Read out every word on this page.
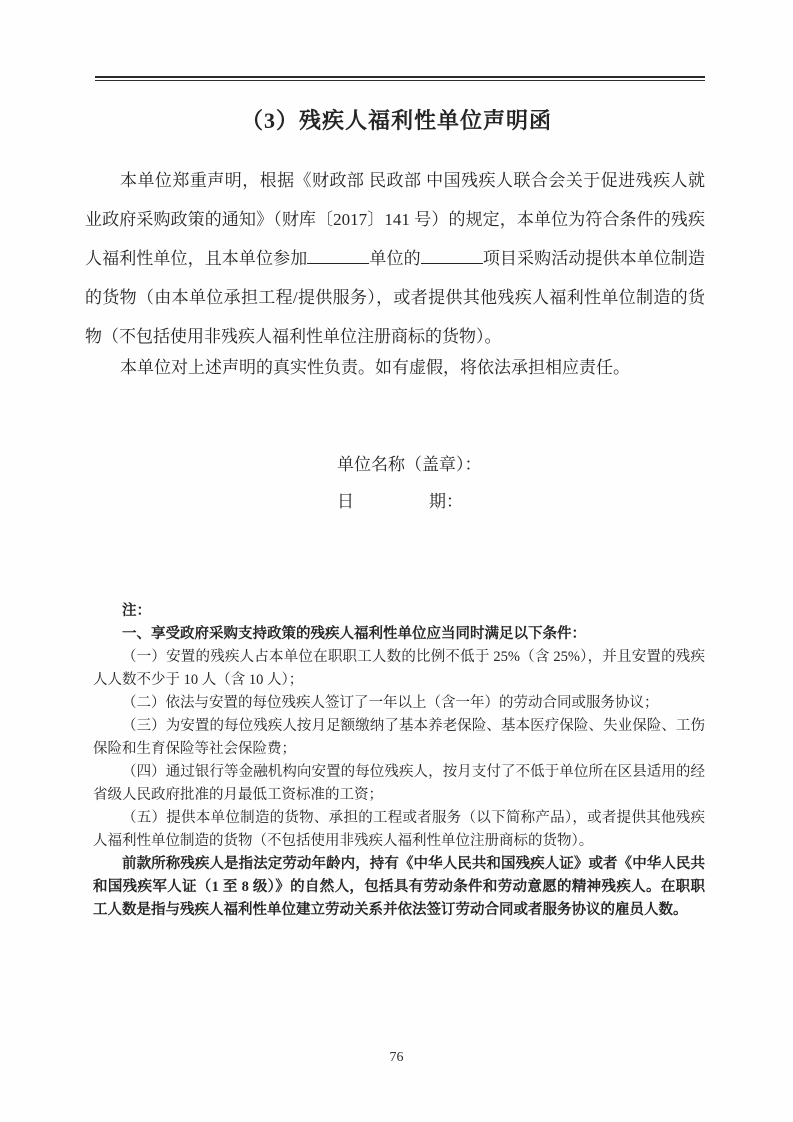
（3）残疾人福利性单位声明函

本单位郑重声明，根据《财政部 民政部 中国残疾人联合会关于促进残疾人就业政府采购政策的通知》（财库〔2017〕141 号）的规定，本单位为符合条件的残疾人福利性单位，且本单位参加	单位的	项目采购活动提供本单位制造的货物（由本单位承担工程/提供服务），或者提供其他残疾人福利性单位制造的货物（不包括使用非残疾人福利性单位注册商标的货物）。

本单位对上述声明的真实性负责。如有虚假，将依法承担相应责任。

单位名称（盖章）：
日	期：

注：

一、享受政府采购支持政策的残疾人福利性单位应当同时满足以下条件：

（一）安置的残疾人占本单位在职职工人数的比例不低于 25%（含 25%），并且安置的残疾人人数不少于 10 人（含 10 人）；

（二）依法与安置的每位残疾人签订了一年以上（含一年）的劳动合同或服务协议；

（三）为安置的每位残疾人按月足额缴纳了基本养老保险、基本医疗保险、失业保险、工伤保险和生育保险等社会保险费；

（四）通过银行等金融机构向安置的每位残疾人，按月支付了不低于单位所在区县适用的经省级人民政府批准的月最低工资标准的工资；

（五）提供本单位制造的货物、承担的工程或者服务（以下简称产品），或者提供其他残疾人福利性单位制造的货物（不包括使用非残疾人福利性单位注册商标的货物）。

前款所称残疾人是指法定劳动年龄内，持有《中华人民共和国残疾人证》或者《中华人民共和国残疾军人证（1 至 8 级）》的自然人，包括具有劳动条件和劳动意愿的精神残疾人。在职职工人数是指与残疾人福利性单位建立劳动关系并依法签订劳动合同或者服务协议的雇员人数。

76
